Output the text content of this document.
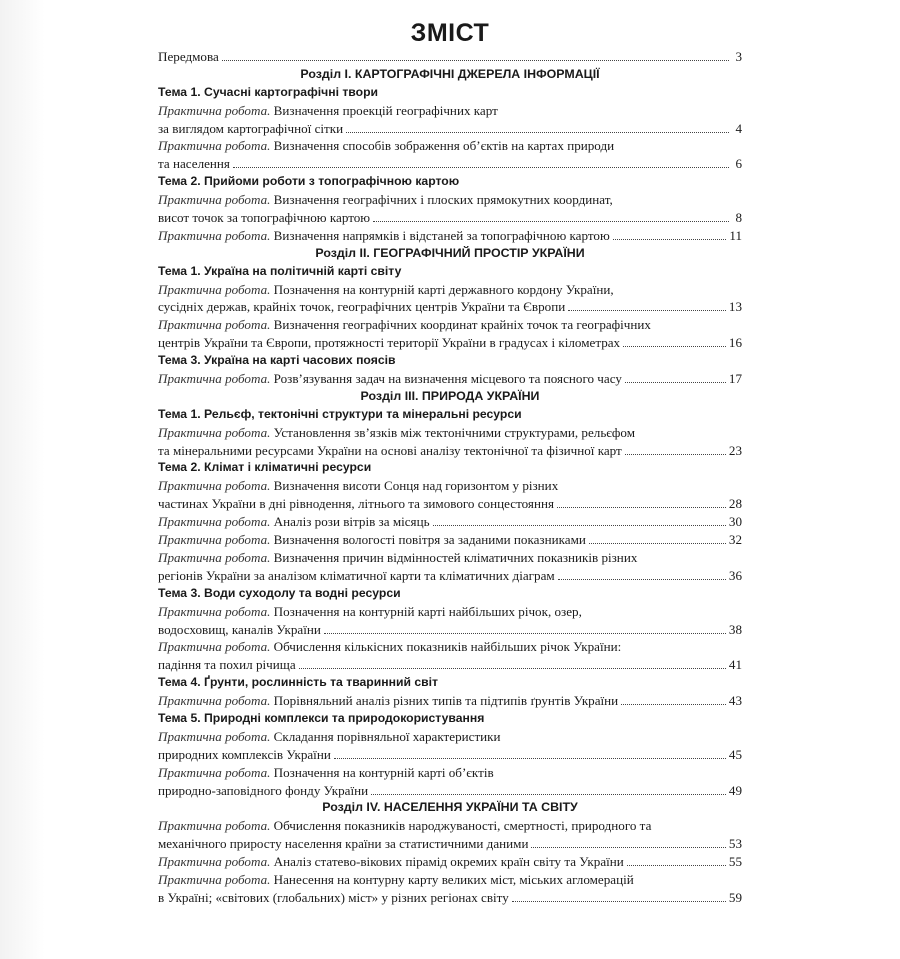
ЗМІСТ
Передмова	3
Розділ І. КАРТОГРАФІЧНІ ДЖЕРЕЛА ІНФОРМАЦІЇ
Тема 1. Сучасні картографічні твори
Практична робота. Визначення проекцій географічних карт
за виглядом картографічної сітки	4
Практична робота. Визначення способів зображення об’єктів на картах природи
та населення	6
Тема 2. Прийоми роботи з топографічною картою
Практична робота. Визначення географічних і плоских прямокутних координат,
висот точок за топографічною картою	8
Практична робота. Визначення напрямків і відстаней за топографічною картою	11
Розділ ІІ. ГЕОГРАФІЧНИЙ ПРОСТІР УКРАЇНИ
Тема 1. Україна на політичній карті світу
Практична робота. Позначення на контурній карті державного кордону України,
сусідніх держав, крайніх точок, географічних центрів України та Європи	13
Практична робота. Визначення географічних координат крайніх точок та географічних
центрів України та Європи, протяжності території України в градусах і кілометрах	16
Тема 3. Україна на карті часових поясів
Практична робота. Розв’язування задач на визначення місцевого та поясного часу	17
Розділ ІІІ. ПРИРОДА УКРАЇНИ
Тема 1. Рельєф, тектонічні структури та мінеральні ресурси
Практична робота. Установлення зв’язків між тектонічними структурами, рельєфом
та мінеральними ресурсами України на основі аналізу тектонічної та фізичної карт	23
Тема 2. Клімат і кліматичні ресурси
Практична робота. Визначення висоти Сонця над горизонтом у різних
частинах України в дні рівнодення, літнього та зимового сонцестояння	28
Практична робота. Аналіз рози вітрів за місяць	30
Практична робота. Визначення вологості повітря за заданими показниками	32
Практична робота. Визначення причин відмінностей кліматичних показників різних
регіонів України за аналізом кліматичної карти та кліматичних діаграм	36
Тема 3. Води суходолу та водні ресурси
Практична робота. Позначення на контурній карті найбільших річок, озер,
водосховищ, каналів України	38
Практична робота. Обчислення кількісних показників найбільших річок України:
падіння та похил річища	41
Тема 4. Ґрунти, рослинність та тваринний світ
Практична робота. Порівняльний аналіз різних типів та підтипів ґрунтів України	43
Тема 5. Природні комплекси та природокористування
Практична робота. Складання порівняльної характеристики
природних комплексів України	45
Практична робота. Позначення на контурній карті об’єктів
природно-заповідного фонду України	49
Розділ IV. НАСЕЛЕННЯ УКРАЇНИ ТА СВІТУ
Практична робота. Обчислення показників народжуваності, смертності, природного та
механічного приросту населення країни за статистичними даними	53
Практична робота. Аналіз статево-вікових пірамід окремих країн світу та України	55
Практична робота. Нанесення на контурну карту великих міст, міських агломерацій
в Україні; «світових (глобальних) міст» у різних регіонах світу	59
